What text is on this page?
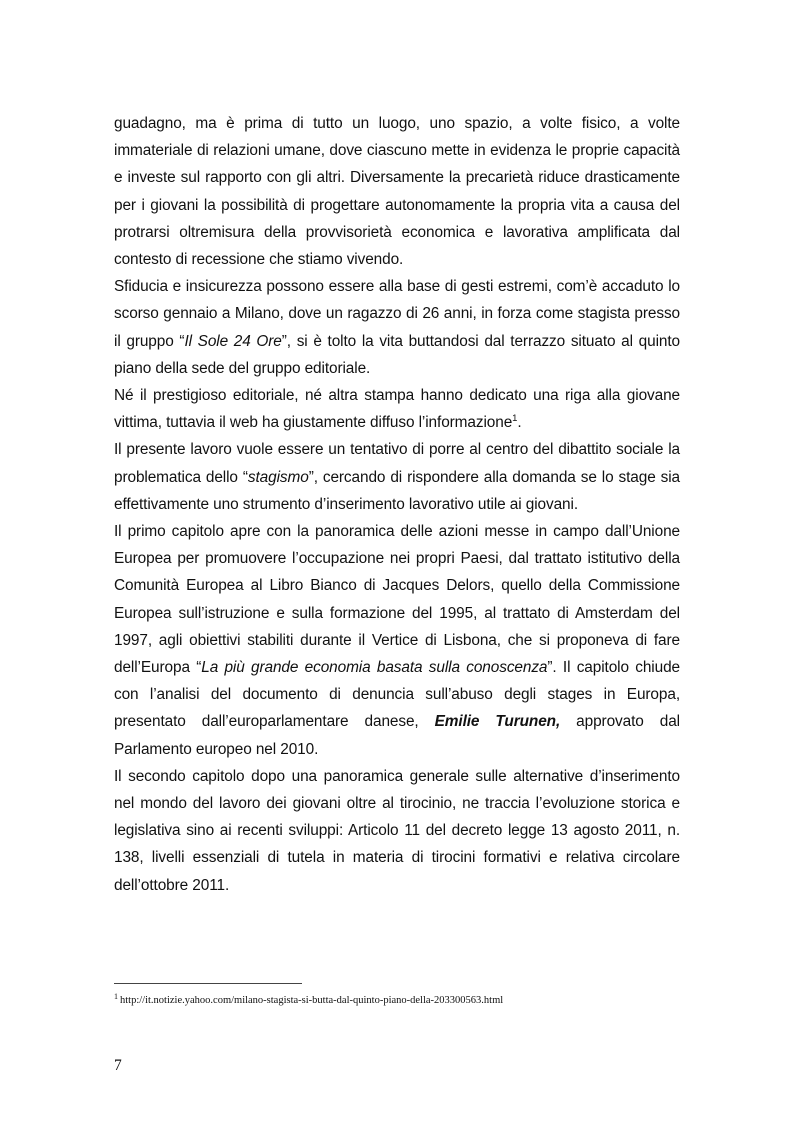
guadagno, ma è prima di tutto un luogo, uno spazio, a volte fisico, a volte immateriale di relazioni umane, dove ciascuno mette in evidenza le proprie capacità e investe sul rapporto con gli altri. Diversamente la precarietà riduce drasticamente per i giovani la possibilità di progettare autonomamente la propria vita a causa del protrarsi oltremisura della provvisorietà economica e lavorativa amplificata dal contesto di recessione che stiamo vivendo.

Sfiducia e insicurezza possono essere alla base di gesti estremi, com’è accaduto lo scorso gennaio a Milano, dove un ragazzo di 26 anni, in forza come stagista presso il gruppo “Il Sole 24 Ore”, si è tolto la vita buttandosi dal terrazzo situato al quinto piano della sede del gruppo editoriale.

Né il prestigioso editoriale, né altra stampa hanno dedicato una riga alla giovane vittima, tuttavia il web ha giustamente diffuso l’informazione$^1$.

Il presente lavoro vuole essere un tentativo di porre al centro del dibattito sociale la problematica dello “stagismo”, cercando di rispondere alla domanda se lo stage sia effettivamente uno strumento d’inserimento lavorativo utile ai giovani.

Il primo capitolo apre con la panoramica delle azioni messe in campo dall’Unione Europea per promuovere l’occupazione nei propri Paesi, dal trattato istitutivo della Comunità Europea al Libro Bianco di Jacques Delors, quello della Commissione Europea sull’istruzione e sulla formazione del 1995, al trattato di Amsterdam del 1997, agli obiettivi stabiliti durante il Vertice di Lisbona, che si proponeva di fare dell’Europa “La più grande economia basata sulla conoscenza”. Il capitolo chiude con l’analisi del documento di denuncia sull’abuso degli stages in Europa, presentato dall’europarlamentare danese, Emilie Turunen, approvato dal Parlamento europeo nel 2010.

Il secondo capitolo dopo una panoramica generale sulle alternative d’inserimento nel mondo del lavoro dei giovani oltre al tirocinio, ne traccia l’evoluzione storica e legislativa sino ai recenti sviluppi: Articolo 11 del decreto legge 13 agosto 2011, n. 138, livelli essenziali di tutela in materia di tirocini formativi e relativa circolare dell’ottobre 2011.

$^1$ http://it.notizie.yahoo.com/milano-stagista-si-butta-dal-quinto-piano-della-203300563.html
7
